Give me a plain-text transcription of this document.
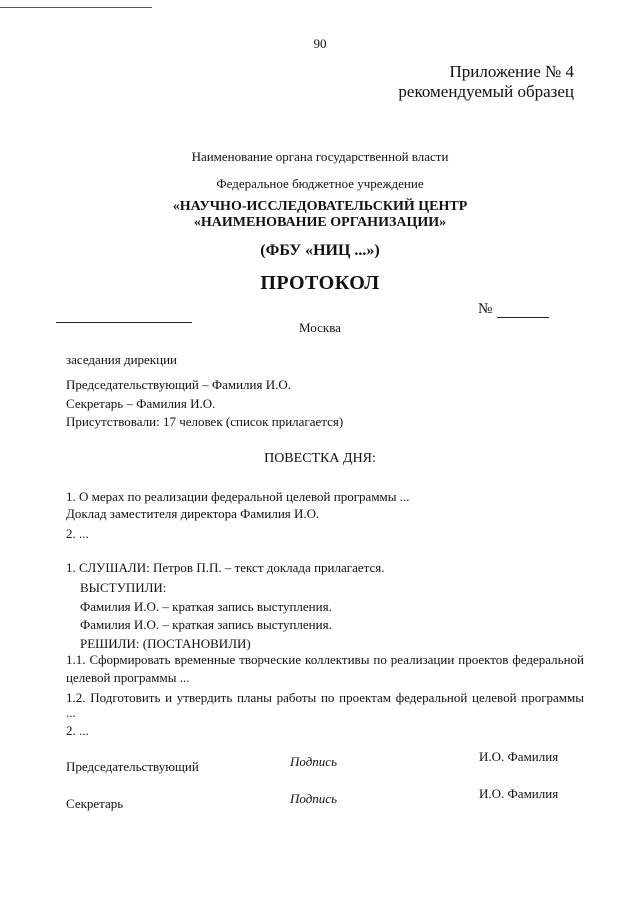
90
Приложение № 4
рекомендуемый образец
Наименование органа государственной власти
Федеральное бюджетное учреждение
«НАУЧНО-ИССЛЕДОВАТЕЛЬСКИЙ ЦЕНТР
«НАИМЕНОВАНИЕ ОРГАНИЗАЦИИ»
(ФБУ «НИЦ ...»)
ПРОТОКОЛ
№
Москва
заседания дирекции
Председательствующий – Фамилия И.О.
Секретарь – Фамилия И.О.
Присутствовали: 17 человек (список прилагается)
ПОВЕСТКА ДНЯ:
1. О мерах по реализации федеральной целевой программы ...
Доклад заместителя директора Фамилия И.О.
2. ...
1. СЛУШАЛИ: Петров П.П. – текст доклада прилагается.
ВЫСТУПИЛИ:
Фамилия И.О. – краткая запись выступления.
Фамилия И.О. – краткая запись выступления.
РЕШИЛИ: (ПОСТАНОВИЛИ)
1.1. Сформировать временные творческие коллективы по реализации проектов федеральной
целевой программы ...
1.2. Подготовить и утвердить планы работы по проектам федеральной целевой программы
...
2. ...
Председательствующий	Подпись	И.О. Фамилия
Секретарь	Подпись	И.О. Фамилия
